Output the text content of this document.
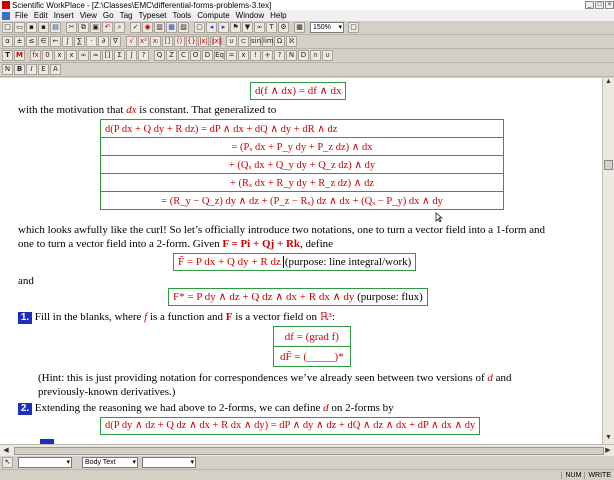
Scientific WorkPlace - [Z:\Classes\EMC\differential-forms-problems-3.tex]	_	□	×
File Edit Insert View Go Tag Typeset Tools Compute Window Help
□ ▭ ▪	▪ ▤	✂ ⧉ ▣ ↶	⌕	✓ ◉ ▥ ▦ ▧	▢ ◂	▸	⚑ ▼ ∞ T ⚙	▦	150% ▾	▢
α ± ≤ ∈ ←	∫	∑	·	∂	∇	√ x² xᵢ [] () {} |x| ‖x‖ ∪ ⊂ sin lim Ω ℵ
T M	fx 0	x	x	∞ ≈ []	Σ	∫	?	Q Z	C O D Eq = x	!	+	?	N D ∩ ∪
N B	I	E	A
d(f ∧ dx) = df ∧ dx
with the motivation that dx is constant. That generalized to
d(P dx + Q dy + R dz) = dP ∧ dx + dQ ∧ dy + dR ∧ dz
= (Pₓ dx + P_y dy + P_z dz) ∧ dx
+ (Qₓ dx + Q_y dy + Q_z dz) ∧ dy
+ (Rₓ dx + R_y dy + R_z dz) ∧ dz
= (R_y − Q_z) dy ∧ dz + (P_z − Rₓ) dz ∧ dx + (Qₓ − P_y) dx ∧ dy
which looks awfully like the curl! So let’s officially introduce two notations, one to turn a vector field into a 1-form and
one to turn a vector field into a 2-form. Given F = Pi + Qj + Rk, define
F̃ = P dx + Q dy + R dz (purpose: line integral/work)
and
F* = P dy ∧ dz + Q dz ∧ dx + R dx ∧ dy (purpose: flux)
1. Fill in the blanks, where f is a function and F is a vector field on ℝ³:
df = (grad f)
dF̃ = (_____)*
(Hint: this is just providing notation for correspondences we’ve already seen between two versions of d and
previously-known derivatives.)
2. Extending the reasoning we had above to 2-forms, we can define d on 2-forms by
d(P dy ∧ dz + Q dz ∧ dx + R dx ∧ dy) = dP ∧ dy ∧ dz + dQ ∧ dz ∧ dx + dP ∧ dx ∧ dy
▲
▼
◀	▶
↖
▾	Body Text ▾
▾
NUM	WRITE
